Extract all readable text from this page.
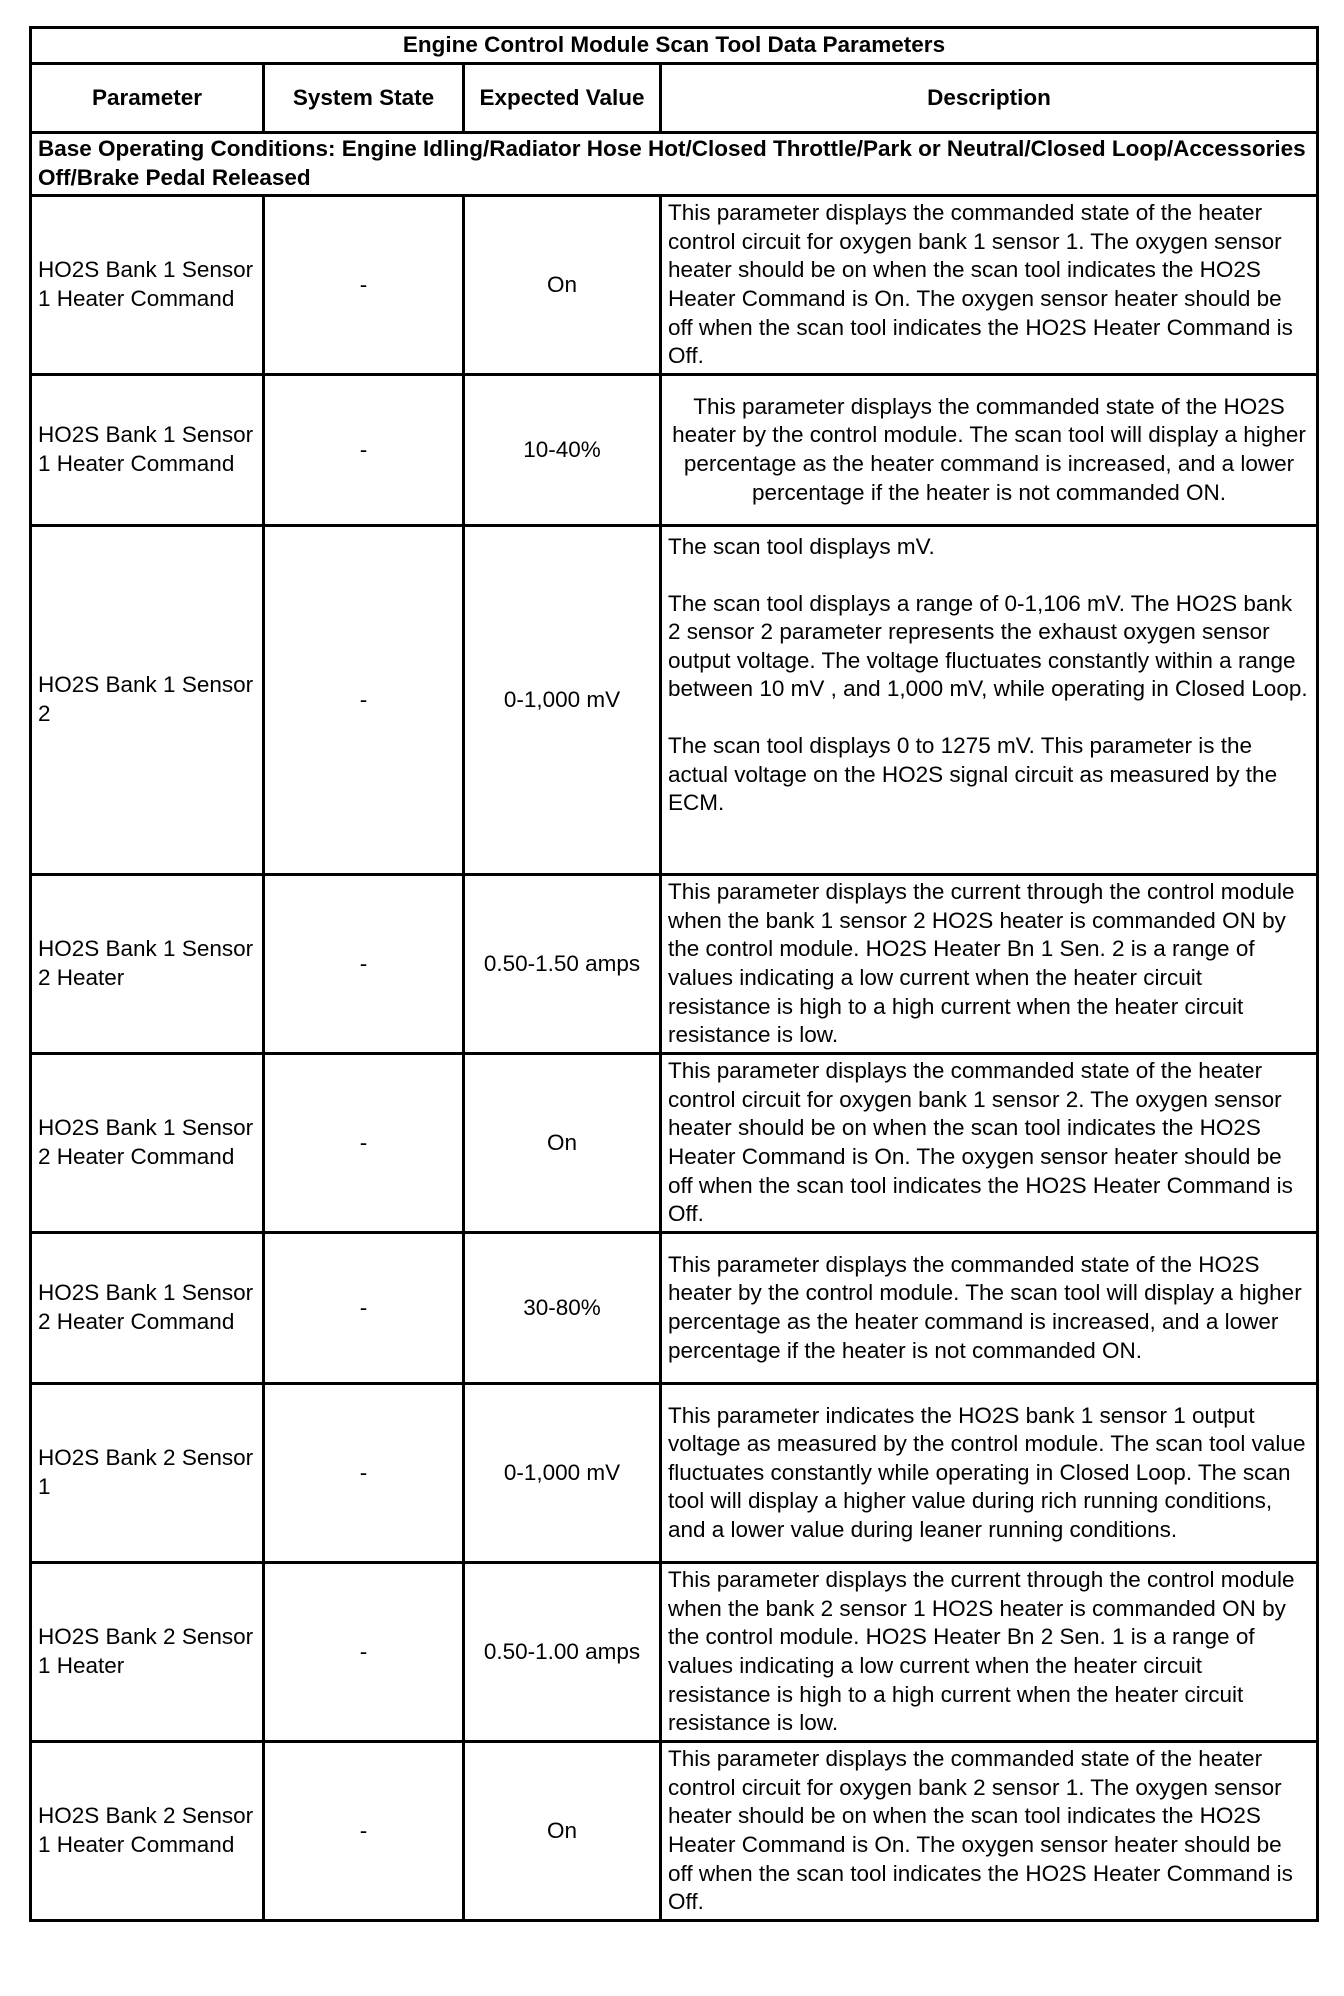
Engine Control Module Scan Tool Data Parameters			
Parameter	System State	Expected Value	Description
Base Operating Conditions: Engine Idling/Radiator Hose Hot/Closed Throttle/Park or Neutral/Closed Loop/Accessories Off/Brake Pedal Released			
HO2S Bank 1 Sensor 1 Heater Command	-	On	This parameter displays the commanded state of the heater control circuit for oxygen bank 1 sensor 1. The oxygen sensor heater should be on when the scan tool indicates the HO2S Heater Command is On. The oxygen sensor heater should be off when the scan tool indicates the HO2S Heater Command is Off.

HO2S Bank 1 Sensor 1 Heater Command	-	10-40%	This parameter displays the commanded state of the HO2S heater by the control module. The scan tool will display a higher percentage as the heater command is increased, and a lower percentage if the heater is not commanded ON.

HO2S Bank 1 Sensor 2	-	0-1,000 mV	The scan tool displays mV.

The scan tool displays a range of 0-1,106 mV. The HO2S bank 2 sensor 2 parameter represents the exhaust oxygen sensor output voltage. The voltage fluctuates constantly within a range between 10 mV , and 1,000 mV, while operating in Closed Loop.

The scan tool displays 0 to 1275 mV. This parameter is the actual voltage on the HO2S signal circuit as measured by the ECM.

HO2S Bank 1 Sensor 2 Heater	-	0.50-1.50 amps	This parameter displays the current through the control module when the bank 1 sensor 2 HO2S heater is commanded ON by the control module. HO2S Heater Bn 1 Sen. 2 is a range of values indicating a low current when the heater circuit resistance is high to a high current when the heater circuit resistance is low.

HO2S Bank 1 Sensor 2 Heater Command	-	On	This parameter displays the commanded state of the heater control circuit for oxygen bank 1 sensor 2. The oxygen sensor heater should be on when the scan tool indicates the HO2S Heater Command is On. The oxygen sensor heater should be off when the scan tool indicates the HO2S Heater Command is Off.

HO2S Bank 1 Sensor 2 Heater Command	-	30-80%	This parameter displays the commanded state of the HO2S heater by the control module. The scan tool will display a higher percentage as the heater command is increased, and a lower percentage if the heater is not commanded ON.

HO2S Bank 2 Sensor 1	-	0-1,000 mV	This parameter indicates the HO2S bank 1 sensor 1 output voltage as measured by the control module. The scan tool value fluctuates constantly while operating in Closed Loop. The scan tool will display a higher value during rich running conditions, and a lower value during leaner running conditions.

HO2S Bank 2 Sensor 1 Heater	-	0.50-1.00 amps	This parameter displays the current through the control module when the bank 2 sensor 1 HO2S heater is commanded ON by the control module. HO2S Heater Bn 2 Sen. 1 is a range of values indicating a low current when the heater circuit resistance is high to a high current when the heater circuit resistance is low.

HO2S Bank 2 Sensor 1 Heater Command	-	On	This parameter displays the commanded state of the heater control circuit for oxygen bank 2 sensor 1. The oxygen sensor heater should be on when the scan tool indicates the HO2S Heater Command is On. The oxygen sensor heater should be off when the scan tool indicates the HO2S Heater Command is Off.
